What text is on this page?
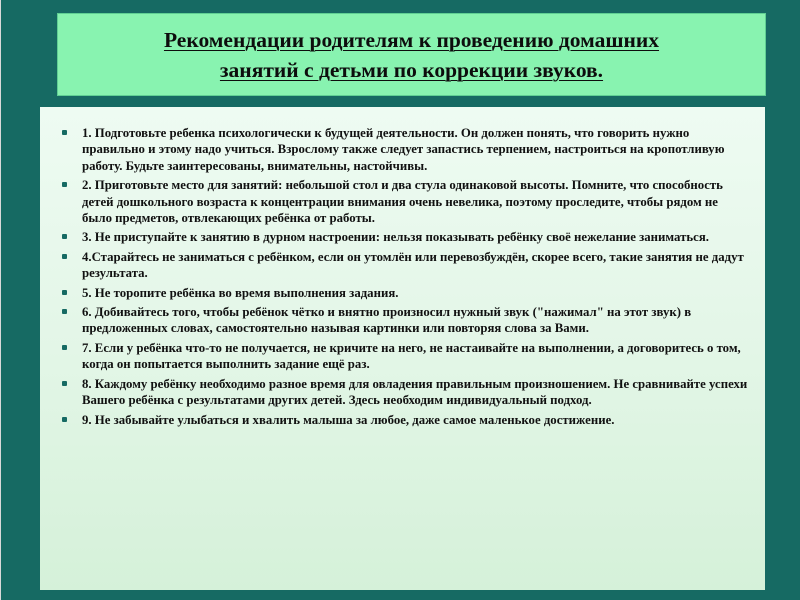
Рекомендации родителям к проведению домашних
занятий с детьми по коррекции звуков.
1. Подготовьте ребенка психологически к будущей деятельности. Он должен понять, что говорить нужно правильно и этому надо учиться. Взрослому также следует запастись терпением, настроиться на кропотливую работу. Будьте заинтересованы, внимательны, настойчивы.
2. Приготовьте место для занятий: небольшой стол и два стула одинаковой высоты. Помните, что способность детей дошкольного возраста к концентрации внимания очень невелика, поэтому проследите, чтобы рядом не было предметов, отвлекающих ребёнка от работы.
3. Не приступайте к занятию в дурном настроении: нельзя показывать ребёнку своё нежелание заниматься.
4.Старайтесь не заниматься с ребёнком, если он утомлён или перевозбуждён, скорее всего, такие занятия не дадут результата.
5. Не торопите ребёнка во время выполнения задания.
6. Добивайтесь того, чтобы ребёнок чётко и внятно произносил нужный звук ("нажимал" на этот звук) в предложенных словах, самостоятельно называя картинки или повторяя слова за Вами.
7. Если у ребёнка что-то не получается, не кричите на него, не настаивайте на выполнении, а договоритесь о том, когда он попытается выполнить задание ещё раз.
8. Каждому ребёнку необходимо разное время для овладения правильным произношением. Не сравнивайте успехи Вашего ребёнка с результатами других детей. Здесь необходим индивидуальный подход.
9. Не забывайте улыбаться и хвалить малыша за любое, даже самое маленькое достижение.
